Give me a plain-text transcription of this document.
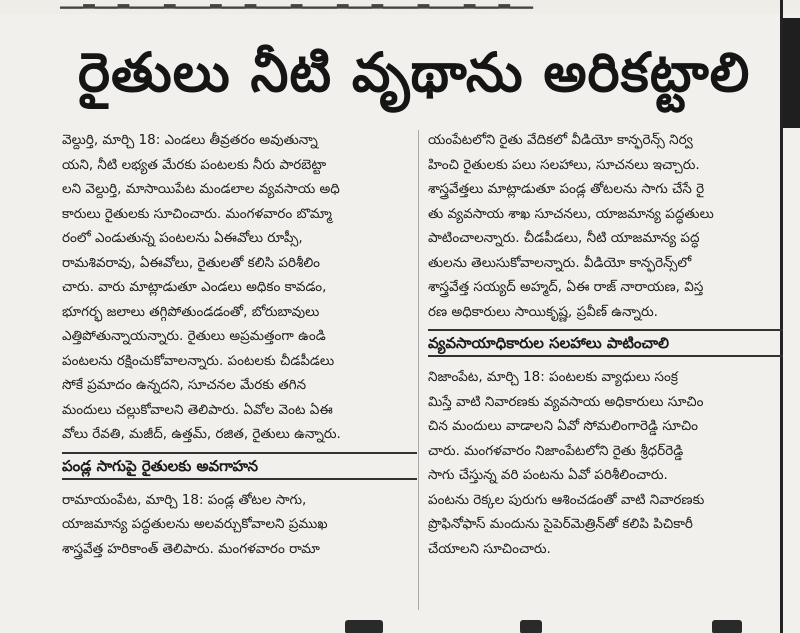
▁▁▂▁▁▂▁▁▁▂▁▁▁▂▁▁▂▁▁▁▂▁▁▁▂▁▁▂▁▁▁▂▁▁▁▂▁▁▂▁▁
రైతులు నీటి వృథాను అరికట్టాలి
వెల్దుర్తి, మార్చి 18: ఎండలు తీవ్రతరం అవుతున్నా
యని, నీటి లభ్యత మేరకు పంటలకు నీరు పారబెట్టా
లని వెల్దుర్తి, మాసాయిపేట మండలాల వ్యవసాయ అధి
కారులు రైతులకు సూచించారు. మంగళవారం బొమ్మా
రంలో ఎండుతున్న పంటలను ఏఈవోలు రూప్సీ,
రామశివరావు, ఏఈవోలు, రైతులతో కలిసి పరిశీలిం
చారు. వారు మాట్లాడుతూ ఎండలు అధికం కావడం,
భూగర్భ జలాలు తగ్గిపోతుండడంతో, బోరుబావులు
ఎత్తిపోతున్నాయన్నారు. రైతులు అప్రమత్తంగా ఉండి
పంటలను రక్షించుకోవాలన్నారు. పంటలకు చీడపీడలు
సోకే ప్రమాదం ఉన్నదని, సూచనల మేరకు తగిన
మందులు చల్లుకోవాలని తెలిపారు. ఏవోల వెంట ఏఈ
వోలు రేవతి, మజీద్, ఉత్తమ్, రజిత, రైతులు ఉన్నారు.
పండ్ల సాగుపై రైతులకు అవగాహన
రామాయంపేట, మార్చి 18: పండ్ల తోటల సాగు,
యాజమాన్య పద్ధతులను అలవర్చుకోవాలని ప్రముఖ
శాస్త్రవేత్త హరికాంత్ తెలిపారు. మంగళవారం రామా
యంపేటలోని రైతు వేదికలో వీడియో కాన్ఫరెన్స్ నిర్వ
హించి రైతులకు పలు సలహాలు, సూచనలు ఇచ్చారు.
శాస్త్రవేత్తలు మాట్లాడుతూ పండ్ల తోటలను సాగు చేసే రై
తు వ్యవసాయ శాఖ సూచనలు, యాజమాన్య పద్ధతులు
పాటించాలన్నారు. చీడపీడలు, నీటి యాజమాన్య పద్ధ
తులను తెలుసుకోవాలన్నారు. వీడియో కాన్ఫరెన్స్‌లో
శాస్త్రవేత్త సయ్యద్ అహ్మద్, ఏఈ రాజ్ నారాయణ, విస్త
రణ అధికారులు సాయికృష్ణ, ప్రవీణ్ ఉన్నారు.
వ్యవసాయాధికారుల సలహాలు పాటించాలి
నిజాంపేట, మార్చి 18: పంటలకు వ్యాధులు సంక్ర
మిస్తే వాటి నివారణకు వ్యవసాయ అధికారులు సూచిం
చిన మందులు వాడాలని ఏవో సోమలింగారెడ్డి సూచిం
చారు. మంగళవారం నిజాంపేటలోని రైతు శ్రీధర్‌రెడ్డి
సాగు చేస్తున్న వరి పంటను ఏవో పరిశీలించారు.
పంటను రెక్కల పురుగు ఆశించడంతో వాటి నివారణకు
ప్రొఫినోఫాస్ మందును సైపెర్‌మెత్రిన్‌తో కలిపి పిచికారీ
చేయాలని సూచించారు.
